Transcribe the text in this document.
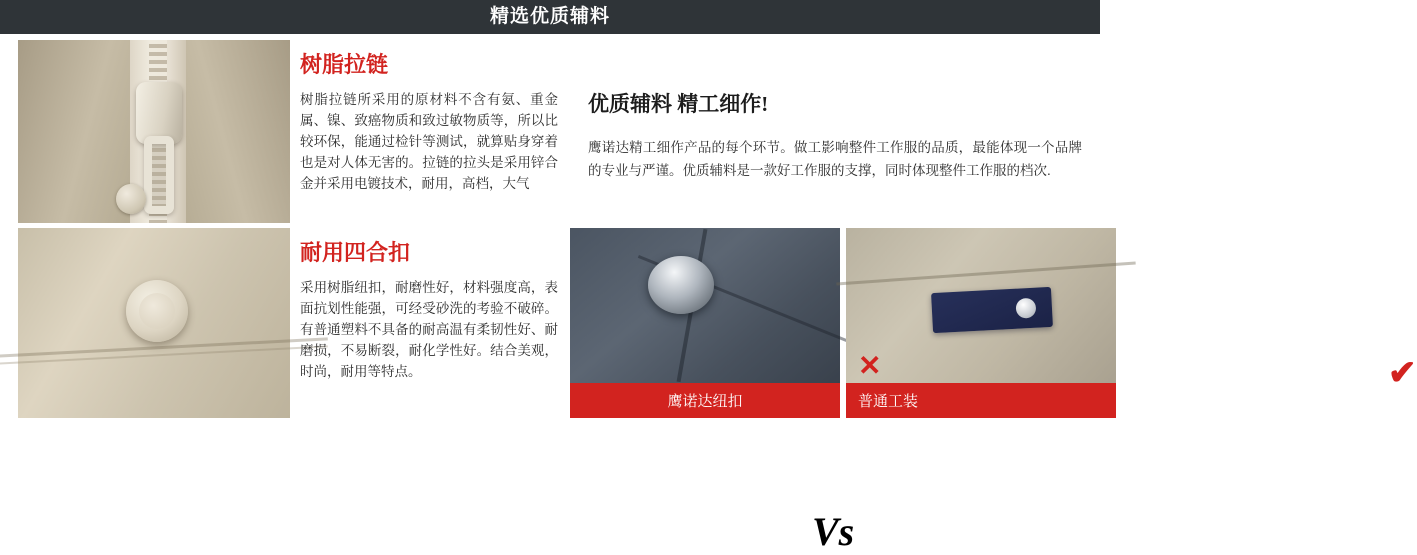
精选优质辅料
树脂拉链
树脂拉链所采用的原材料不含有氨、重金属、镍、致癌物质和致过敏物质等，所以比较环保，能通过检针等测试，就算贴身穿着也是对人体无害的。拉链的拉头是采用锌合金并采用电镀技术，耐用，高档，大气
优质辅料 精工细作!
鹰诺达精工细作产品的每个环节。做工影响整件工作服的品质，最能体现一个品牌的专业与严谨。优质辅料是一款好工作服的支撑，同时体现整件工作服的档次.
耐用四合扣
采用树脂纽扣，耐磨性好，材料强度高，表面抗划性能强，可经受砂洗的考验不破碎。有普通塑料不具备的耐高温有柔韧性好、耐磨损，不易断裂，耐化学性好。结合美观，时尚，耐用等特点。	✔
鹰诺达纽扣
Vs
✕
普通工装
